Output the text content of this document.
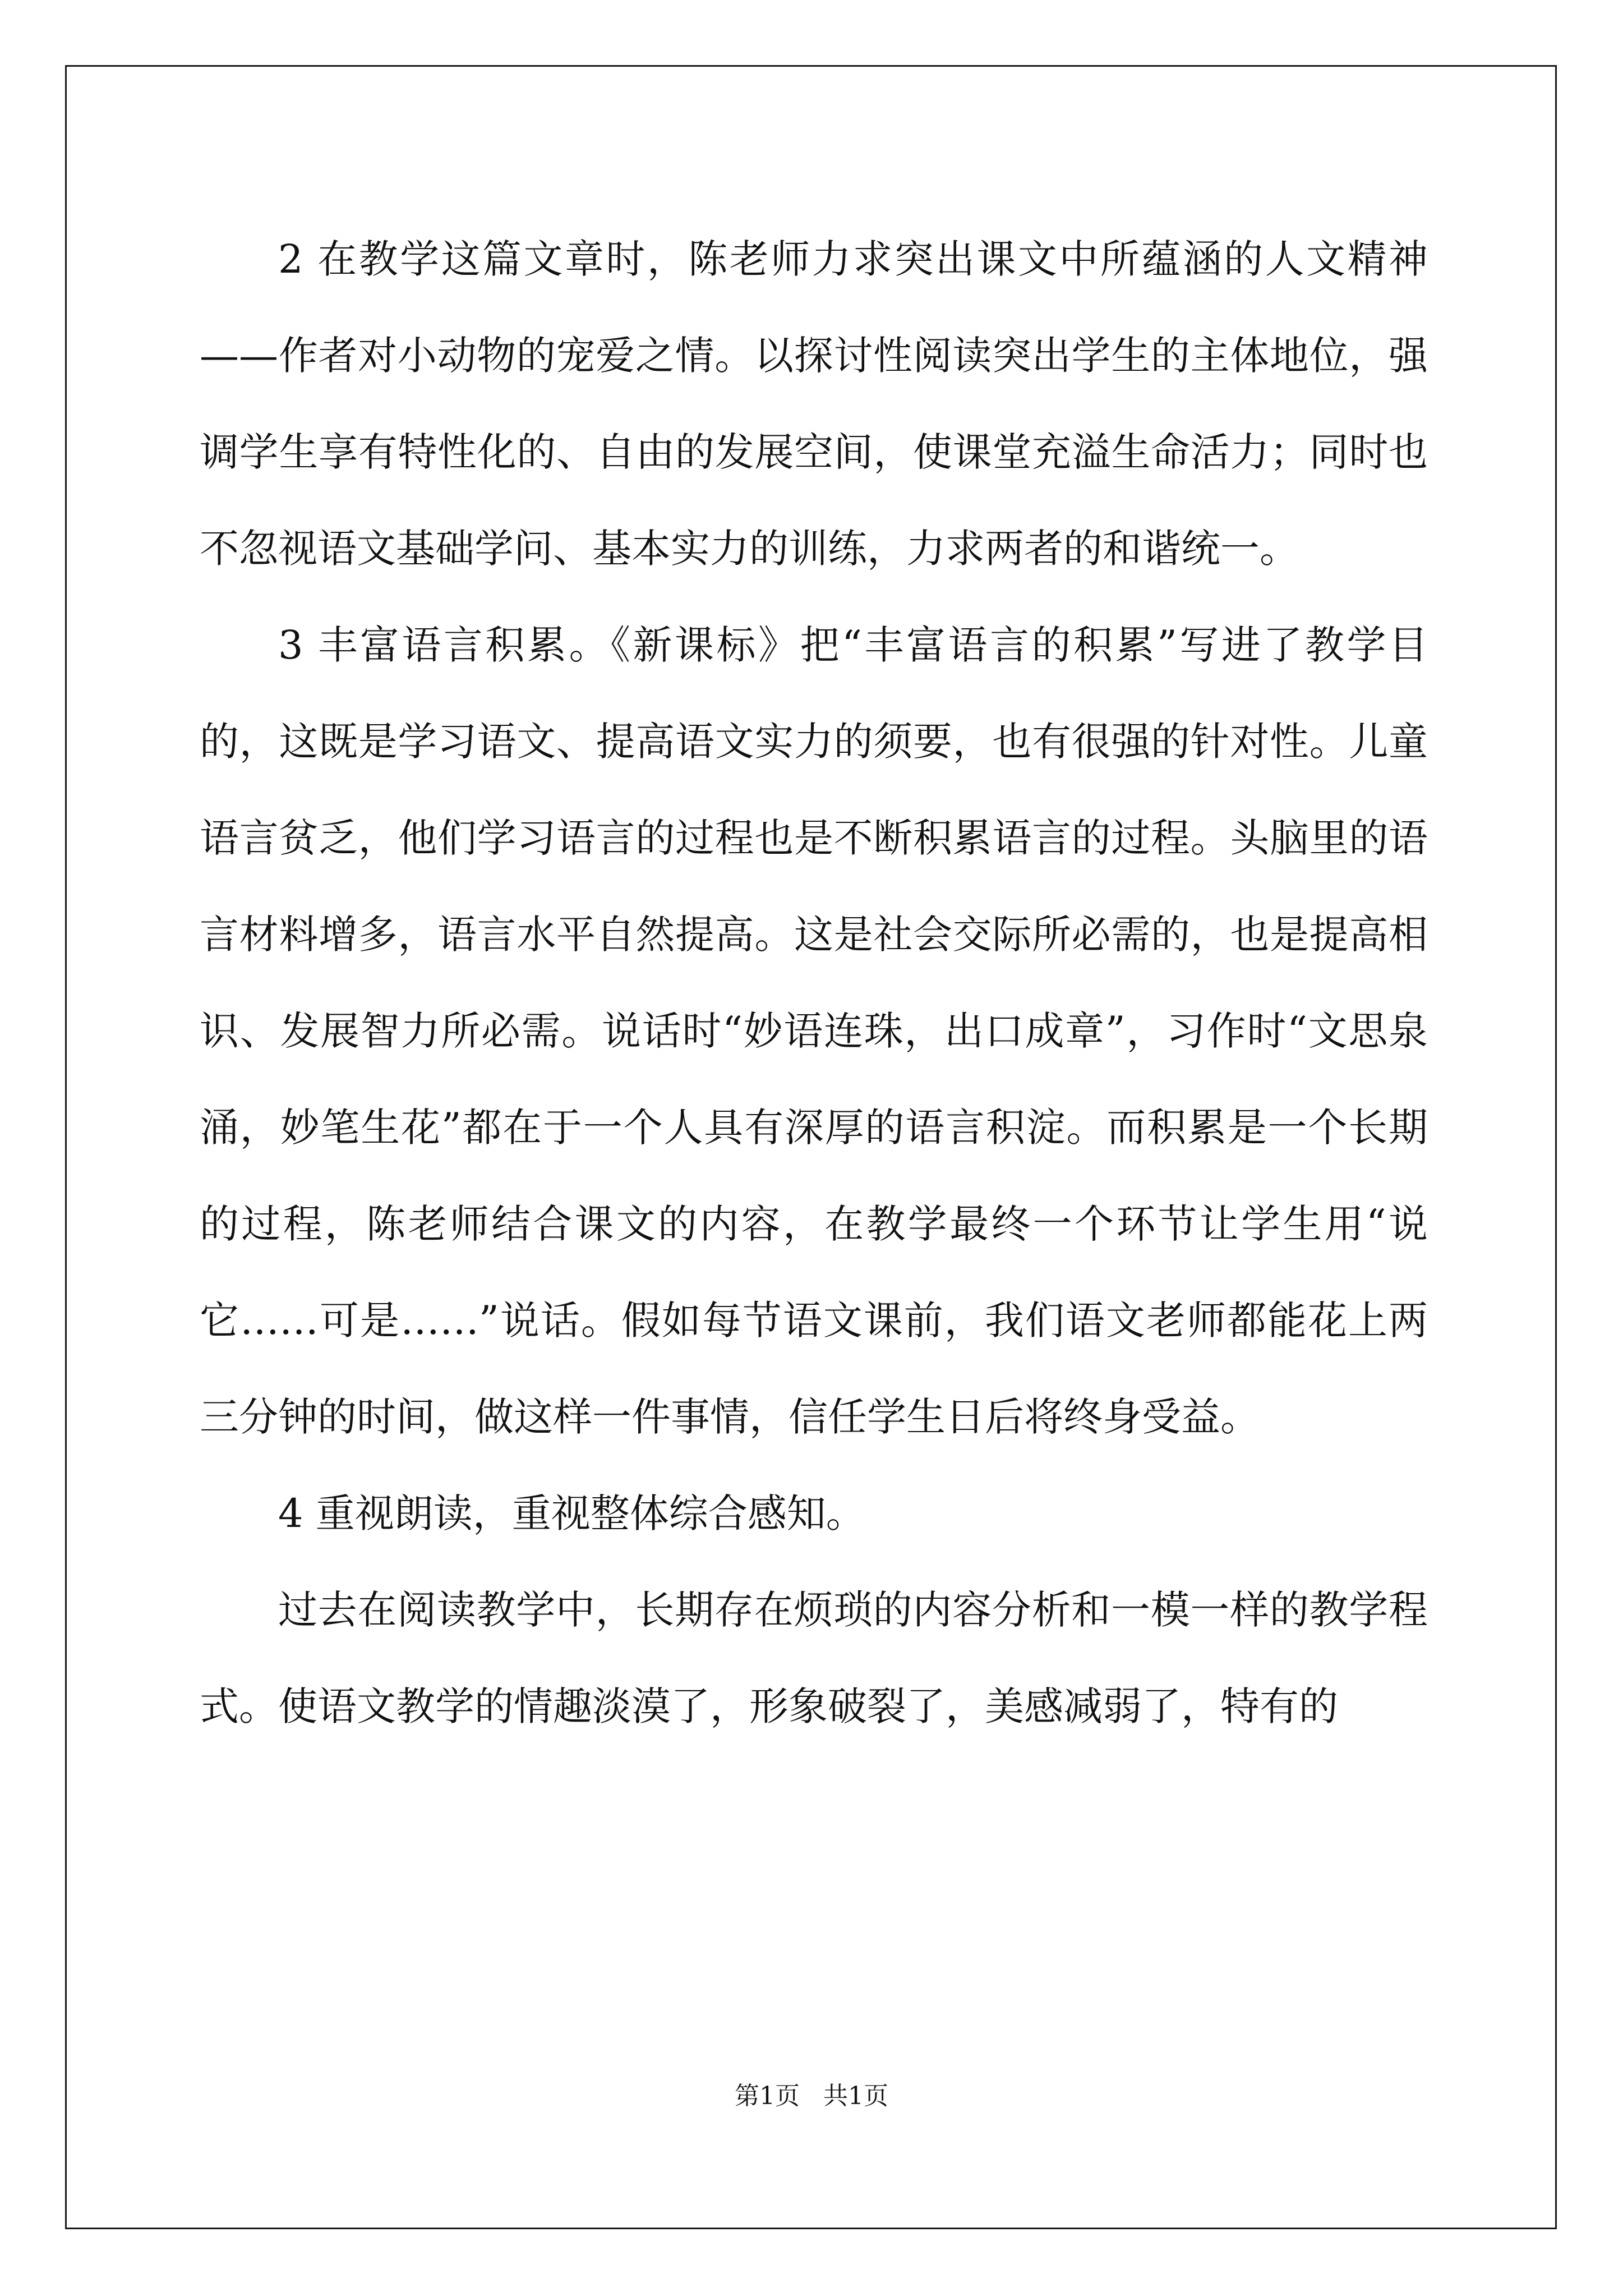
2 在教学这篇文章时，陈老师力求突出课文中所蕴涵的人文精神——作者对小动物的宠爱之情。以探讨性阅读突出学生的主体地位，强调学生享有特性化的、自由的发展空间，使课堂充溢生命活力；同时也不忽视语文基础学问、基本实力的训练，力求两者的和谐统一。

3 丰富语言积累。《新课标》把“丰富语言的积累”写进了教学目的，这既是学习语文、提高语文实力的须要，也有很强的针对性。儿童语言贫乏，他们学习语言的过程也是不断积累语言的过程。头脑里的语言材料增多，语言水平自然提高。这是社会交际所必需的，也是提高相识、发展智力所必需。说话时“妙语连珠，出口成章”，习作时“文思泉涌，妙笔生花”都在于一个人具有深厚的语言积淀。而积累是一个长期的过程，陈老师结合课文的内容，在教学最终一个环节让学生用“说它……可是……”说话。假如每节语文课前，我们语文老师都能花上两三分钟的时间，做这样一件事情，信任学生日后将终身受益。

4 重视朗读，重视整体综合感知。

过去在阅读教学中，长期存在烦琐的内容分析和一模一样的教学程式。使语文教学的情趣淡漠了，形象破裂了，美感减弱了，特有的

第1页   共1页
